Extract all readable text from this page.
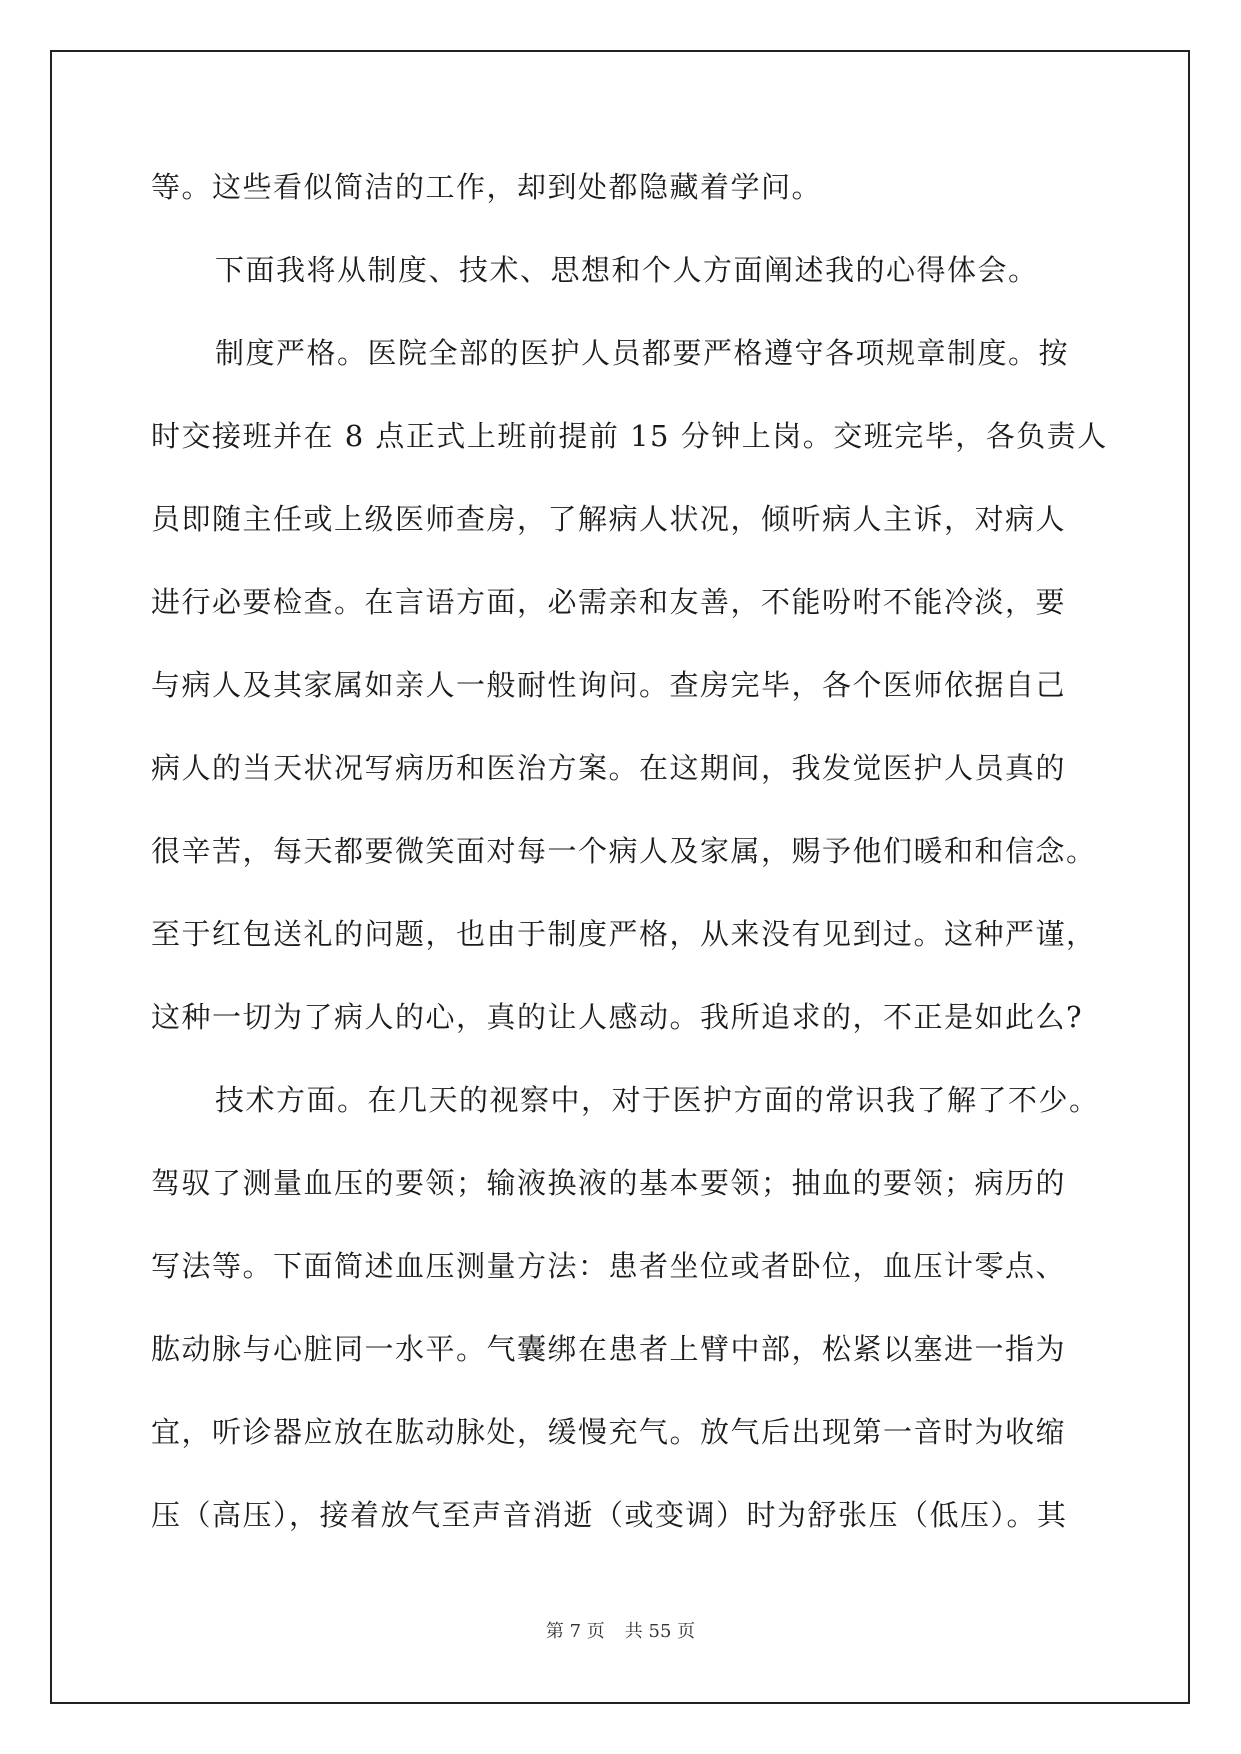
等。这些看似简洁的工作，却到处都隐藏着学问。
下面我将从制度、技术、思想和个人方面阐述我的心得体会。
制度严格。医院全部的医护人员都要严格遵守各项规章制度。按
时交接班并在 8 点正式上班前提前 15 分钟上岗。交班完毕，各负责人
员即随主任或上级医师查房，了解病人状况，倾听病人主诉，对病人
进行必要检查。在言语方面，必需亲和友善，不能吩咐不能冷淡，要
与病人及其家属如亲人一般耐性询问。查房完毕，各个医师依据自己
病人的当天状况写病历和医治方案。在这期间，我发觉医护人员真的
很辛苦，每天都要微笑面对每一个病人及家属，赐予他们暖和和信念。
至于红包送礼的问题，也由于制度严格，从来没有见到过。这种严谨，
这种一切为了病人的心，真的让人感动。我所追求的，不正是如此么?
技术方面。在几天的视察中，对于医护方面的常识我了解了不少。
驾驭了测量血压的要领；输液换液的基本要领；抽血的要领；病历的
写法等。下面简述血压测量方法：患者坐位或者卧位，血压计零点、
肱动脉与心脏同一水平。气囊绑在患者上臂中部，松紧以塞进一指为
宜，听诊器应放在肱动脉处，缓慢充气。放气后出现第一音时为收缩
压（高压），接着放气至声音消逝（或变调）时为舒张压（低压）。其
第 7 页 共 55 页
